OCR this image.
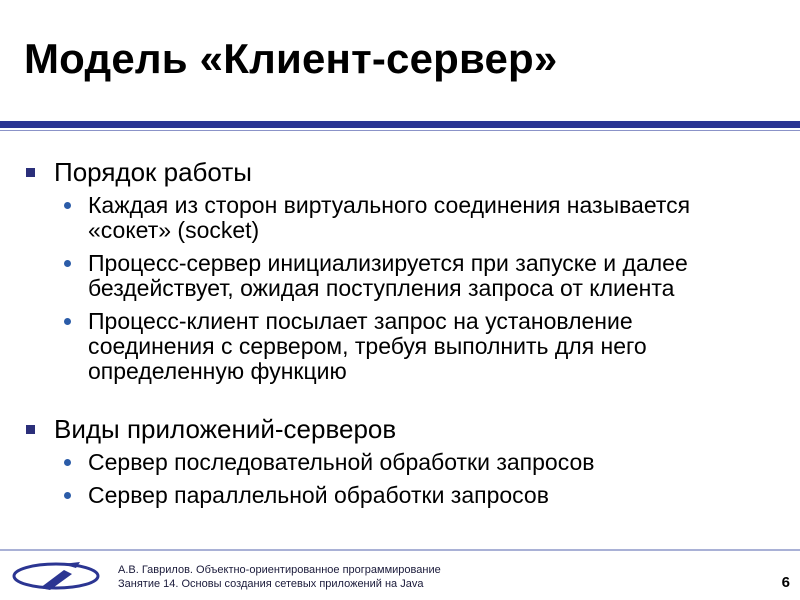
Модель «Клиент-сервер»
Порядок работы
Каждая из сторон виртуального соединения называется «сокет» (socket)
Процесс-сервер инициализируется при запуске и далее бездействует, ожидая поступления запроса от клиента
Процесс-клиент посылает запрос на установление соединения с сервером, требуя выполнить для него определенную функцию
Виды приложений-серверов
Сервер последовательной обработки запросов
Сервер параллельной обработки запросов
А.В. Гаврилов. Объектно-ориентированное программирование
Занятие 14. Основы создания сетевых приложений на Java	6
